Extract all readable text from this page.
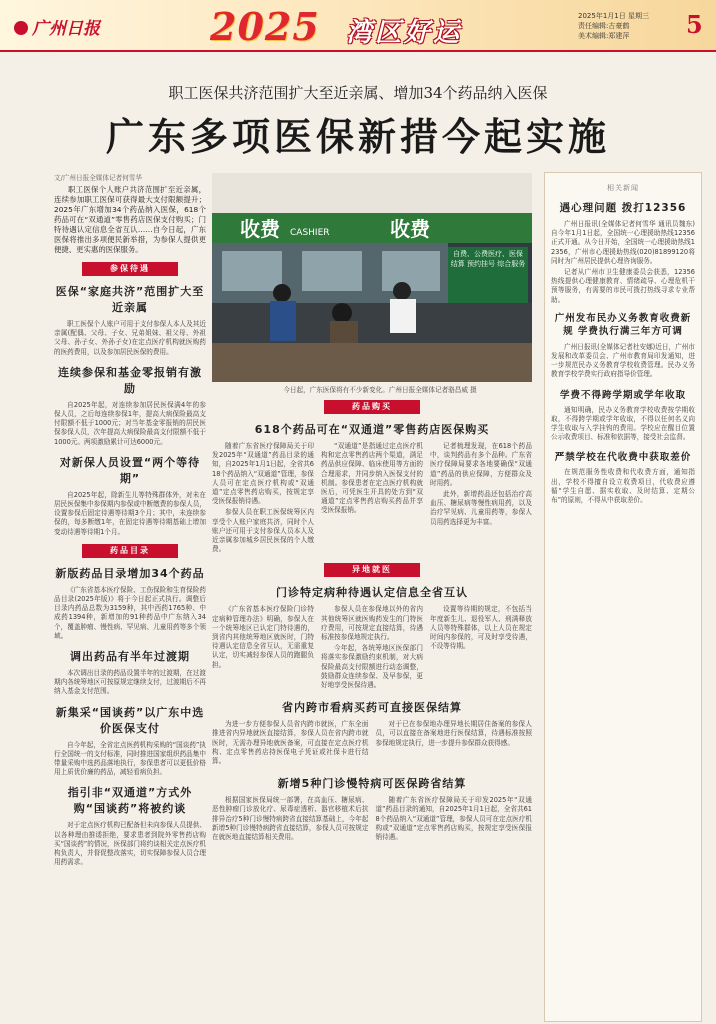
广州日报	2025 湾区好运
2025年1月1日 星期三
责任编辑:古豪鹤
美术编辑:郑建萍	5
职工医保共济范围扩大至近亲属、增加34个药品纳入医保
广东多项医保新措今起实施
文/广州日报全媒体记者何雪华

职工医保个人账户共济范围扩至近亲属，连续参加职工医保可获得最大支付限额提升；2025年广东增加34个药品纳入医保，618个药品可在“双通道”零售药店医保支付购买；门特待遇认定信息全省互认……自今日起，广东医保将推出多项便民新举措，为参保人提供更便捷、更实惠的医保服务。

参保待遇
医保“家庭共济”范围扩大至近亲属

职工医保个人账户可用于支付参保人本人及其近亲属(配偶、父母、子女、兄弟姐妹、祖父母、外祖父母、孙子女、外孙子女)在定点医疗机构就医购药的医药费用，以及参加居民医保的费用。

连续参保和基金零报销有激励

自2025年起，对连续参加居民医保满4年的参保人员，之后每连续参保1年，提高大病保险最高支付限额不低于1000元；对当年基金零报销的居民医保参保人员，次年提高大病保险最高支付限额不低于1000元。两项激励累计可达6000元。

对新保人员设置“两个等待期”

自2025年起，除新生儿等特殊群体外，对未在居民医保集中参保期内参保或中断缴费的参保人员，设置参保后固定待遇等待期3个月；其中，未连续参保的，每多断缴1年，在固定待遇等待期基础上增加变动待遇等待期1个月。

药品目录
新版药品目录增加34个药品

《广东省基本医疗保险、工伤保险和生育保险药品目录(2025年版)》将于今日起正式执行。调整后目录内药品总数为3159种，其中西药1765种、中成药1394种，新增加的91种药品中广东纳入34个，覆盖肿瘤、慢性病、罕见病、儿童用药等多个领域。

调出药品有半年过渡期

本次调出目录的药品设置半年的过渡期，在过渡期内各统筹地区可按原规定继续支付，过渡期后不再纳入基金支付范围。

新集采“国谈药”以广东中选价医保支付

自今年起，全省定点医药机构采购的“国谈药”执行全国统一的支付标准，同时推进国家组织药品集中带量采购中选药品落地执行，参保患者可以更低价格用上质优价廉的药品，减轻看病负担。

指引非“双通道”方式外购“国谈药”将被约谈

对于定点医疗机构已配备但未向参保人员提供、以各种理由推诿拒绝，要求患者到院外零售药店购买“国谈药”的情况，医保部门将约谈相关定点医疗机构负责人，并督促整改落实，切实保障参保人员合理用药需求。

收费 CASHIER	收费
自费、公费医疗、医保 结算 预约挂号 综合服务
今日起，广东医保将有不少新变化。广州日报全媒体记者骆昌威 摄
药品购买
618个药品可在“双通道”零售药店医保购买

随着广东省医疗保障局关于印发2025年“双通道”药品目录的通知，自2025年1月1日起，全省共618个药品纳入“双通道”管理，参保人员可在定点医疗机构或“双通道”定点零售药店购买，按规定享受医保报销待遇。

参保人员在职工医保统筹区内享受个人账户家庭共济，同时个人账户还可用于支付参保人员本人及近亲属参加城乡居民医保的个人缴费。

“双通道”是指通过定点医疗机构和定点零售药店两个渠道，满足药品供应保障、临床使用等方面的合理需求，并同步纳入医保支付的机制。参保患者在定点医疗机构就医后，可凭医生开具的处方到“双通道”定点零售药店购买药品并享受医保报销。

记者梳理发现，在618个药品中，谈判药品有多个品种。广东省医疗保障局要求各地要确保“双通道”药品的供应保障，方便群众及时用药。

此外，新增药品还包括治疗高血压、糖尿病等慢性病用药，以及治疗罕见病、儿童用药等，参保人员用药选择更为丰富。

异地就医
门诊特定病种待遇认定信息全省互认

《广东省基本医疗保险门诊特定病种管理办法》明确，参保人在一个统筹地区已认定门特待遇的，到省内其他统筹地区就医时，门特待遇认定信息全省互认，无需重复认定，切实减轻参保人员的跑腿负担。

参保人员在参保地以外的省内其他统筹区就医购药发生的门特医疗费用，可按规定直接结算，待遇标准按参保地规定执行。

今年起，各统筹地区医保部门将落实参保激励约束机制，对大病保险最高支付限额进行动态调整，鼓励群众连续参保、及早参保，更好地享受医保待遇。

设置等待期的规定，不包括当年度新生儿、退役军人、刑满释放人员等特殊群体，以上人员在规定时间内参保的，可及时享受待遇，不设等待期。

省内跨市看病买药可直接医保结算

为进一步方便参保人员省内跨市就医，广东全面推进省内异地就医直接结算，参保人员在省内跨市就医时，无需办理异地就医备案，可直接在定点医疗机构、定点零售药店持医保电子凭证或社保卡进行结算。

对于已在参保地办理异地长期居住备案的参保人员，可以直接在备案地进行医保结算，待遇标准按照参保地规定执行，进一步提升参保群众获得感。

新增5种门诊慢特病可医保跨省结算

根据国家医保局统一部署，在高血压、糖尿病、恶性肿瘤门诊放化疗、尿毒症透析、器官移植术后抗排异治疗5种门诊慢特病跨省直接结算基础上，今年起新增5种门诊慢特病跨省直接结算，参保人员可按规定在就医地直接结算相关费用。

随着广东省医疗保障局关于印发2025年“双通道”药品目录的通知，自2025年1月1日起，全省共618个药品纳入“双通道”管理，参保人员可在定点医疗机构或“双通道”定点零售药店购买，按规定享受医保报销待遇。

相关新闻
遇心理问题 拨打12356

广州日报讯(全媒体记者何雪华 通讯员魏东)自今年1月1日起，全国统一心理援助热线12356正式开通。从今日开始，全国统一心理援助热线12356，广州市心理援助热线(020)81899120将同时为广州居民提供心理咨询服务。

记者从广州市卫生健康委员会获悉，12356热线提供心理健康教育、情绪疏导、心理危机干预等服务，有需要的市民可拨打热线寻求专业帮助。

广州发布民办义务教育收费新规 学费执行满三年方可调

广州日报讯(全媒体记者杜安娜)近日，广州市发展和改革委员会、广州市教育局印发通知，进一步规范民办义务教育学校收费管理。民办义务教育学校学费实行政府指导价管理。

学费不得跨学期或学年收取

通知明确，民办义务教育学校收费按学期收取，不得跨学期或学年收取，不得以任何名义向学生收取与入学挂钩的费用。学校应在醒目位置公示收费项目、标准和依据等，接受社会监督。

严禁学校在代收费中获取差价

在规范服务性收费和代收费方面，通知指出，学校不得擅自设立收费项目，代收费应遵循“学生自愿、据实收取、及时结算、定期公布”的原则，不得从中获取差价。
